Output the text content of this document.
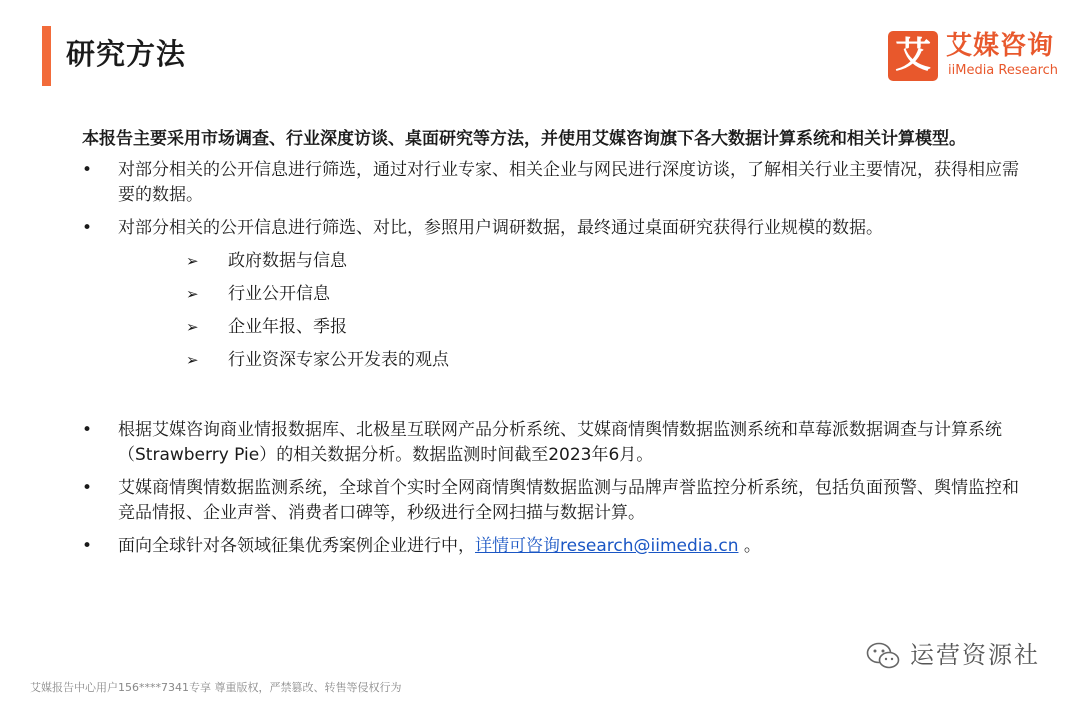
研究方法	艾 艾媒咨询
iiMedia Research

本报告主要采用市场调查、行业深度访谈、桌面研究等方法，并使用艾媒咨询旗下各大数据计算系统和相关计算模型。

• 对部分相关的公开信息进行筛选，通过对行业专家、相关企业与网民进行深度访谈，了解相关行业主要情况，获得相应需要的数据。
• 对部分相关的公开信息进行筛选、对比，参照用户调研数据，最终通过桌面研究获得行业规模的数据。
➢ 政府数据与信息
➢ 行业公开信息
➢ 企业年报、季报
➢ 行业资深专家公开发表的观点
• 根据艾媒咨询商业情报数据库、北极星互联网产品分析系统、艾媒商情舆情数据监测系统和草莓派数据调查与计算系统（Strawberry Pie）的相关数据分析。数据监测时间截至2023年6月。
• 艾媒商情舆情数据监测系统，全球首个实时全网商情舆情数据监测与品牌声誉监控分析系统，包括负面预警、舆情监控和竞品情报、企业声誉、消费者口碑等，秒级进行全网扫描与数据计算。
• 面向全球针对各领域征集优秀案例企业进行中，详情可咨询research@iimedia.cn 。
运营资源社
艾媒报告中心用户156****7341专享 尊重版权，严禁篡改、转售等侵权行为
